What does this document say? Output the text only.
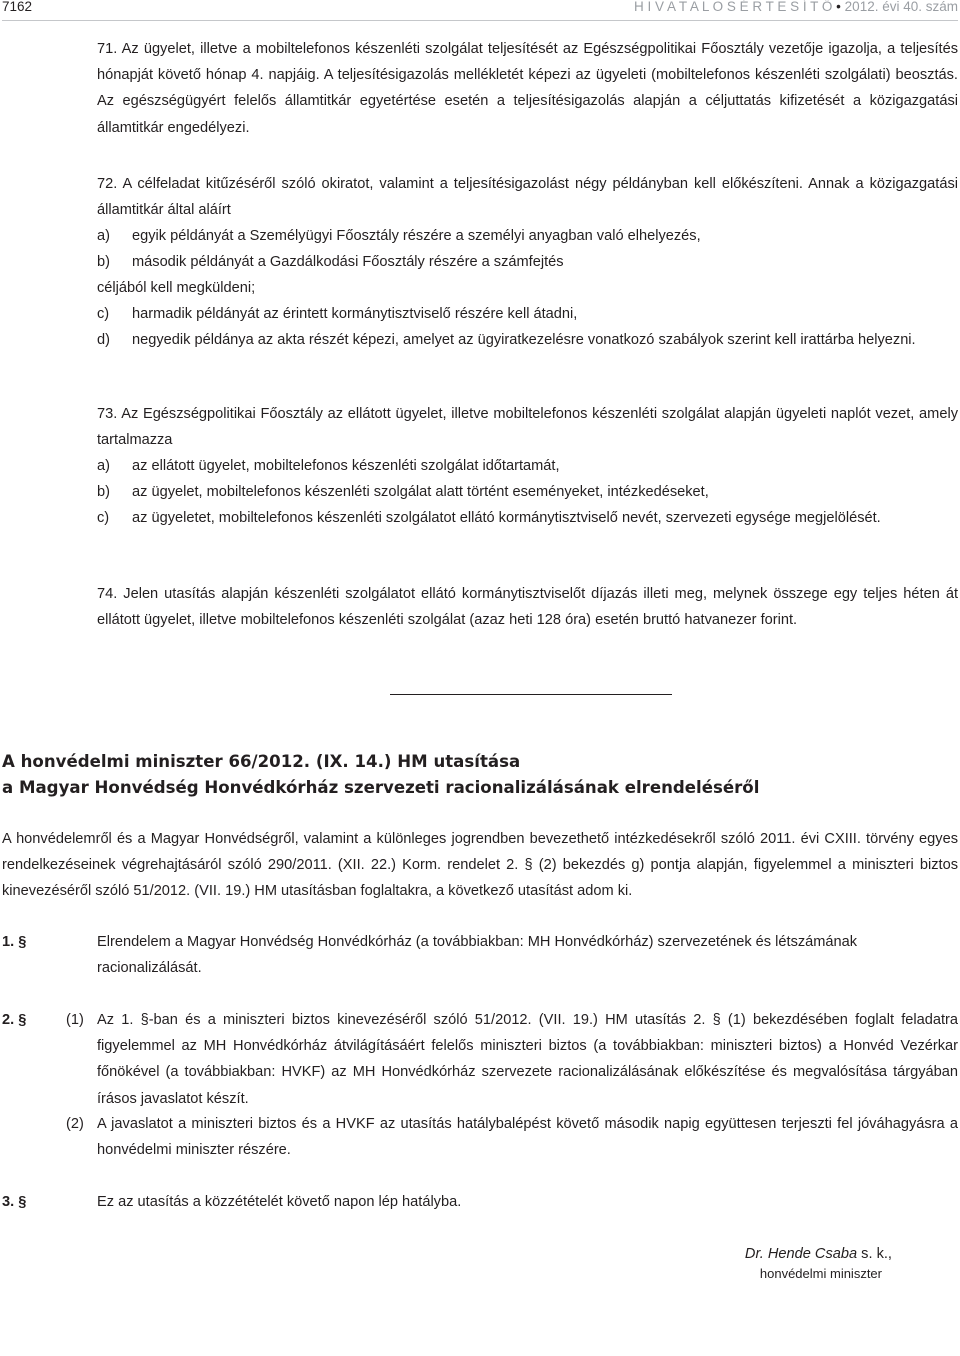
7162	H I V A T A L O S É R T E S Í T Ő • 2012. évi 40. szám

71. Az ügyelet, illetve a mobiltelefonos készenléti szolgálat teljesítését az Egészségpolitikai Főosztály vezetője igazolja, a teljesítés hónapját követő hónap 4. napjáig. A teljesítésigazolás mellékletét képezi az ügyeleti (mobiltelefonos készenléti szolgálati) beosztás. Az egészségügyért felelős államtitkár egyetértése esetén a teljesítésigazolás alapján a céljuttatás kifizetését a közigazgatási államtitkár engedélyezi.

72. A célfeladat kitűzéséről szóló okiratot, valamint a teljesítésigazolást négy példányban kell előkészíteni. Annak a közigazgatási államtitkár által aláírt

a)	egyik példányát a Személyügyi Főosztály részére a személyi anyagban való elhelyezés,
b)	második példányát a Gazdálkodási Főosztály részére a számfejtés

céljából kell megküldeni;

c)	harmadik példányát az érintett kormánytisztviselő részére kell átadni,
d)	negyedik példánya az akta részét képezi, amelyet az ügyiratkezelésre vonatkozó szabályok szerint kell irattárba helyezni.

73. Az Egészségpolitikai Főosztály az ellátott ügyelet, illetve mobiltelefonos készenléti szolgálat alapján ügyeleti naplót vezet, amely tartalmazza

a)	az ellátott ügyelet, mobiltelefonos készenléti szolgálat időtartamát,
b)	az ügyelet, mobiltelefonos készenléti szolgálat alatt történt eseményeket, intézkedéseket,
c)	az ügyeletet, mobiltelefonos készenléti szolgálatot ellátó kormánytisztviselő nevét, szervezeti egysége megjelölését.

74. Jelen utasítás alapján készenléti szolgálatot ellátó kormánytisztviselőt díjazás illeti meg, melynek összege egy teljes héten át ellátott ügyelet, illetve mobiltelefonos készenléti szolgálat (azaz heti 128 óra) esetén bruttó hatvanezer forint.

A honvédelmi miniszter 66/2012. (IX. 14.) HM utasítása

a Magyar Honvédség Honvédkórház szervezeti racionalizálásának elrendeléséről

A honvédelemről és a Magyar Honvédségről, valamint a különleges jogrendben bevezethető intézkedésekről szóló 2011. évi CXIII. törvény egyes rendelkezéseinek végrehajtásáról szóló 290/2011. (XII. 22.) Korm. rendelet 2. § (2) bekezdés g) pontja alapján, figyelemmel a miniszteri biztos kinevezéséről szóló 51/2012. (VII. 19.) HM utasításban foglaltakra, a következő utasítást adom ki.

1. §	Elrendelem a Magyar Honvédség Honvédkórház (a továbbiakban: MH Honvédkórház) szervezetének és létszámának racionalizálását.
2. §	(1) Az 1. §-ban és a miniszteri biztos kinevezéséről szóló 51/2012. (VII. 19.) HM utasítás 2. § (1) bekezdésében foglalt feladatra figyelemmel az MH Honvédkórház átvilágításáért felelős miniszteri biztos (a továbbiakban: miniszteri biztos) a Honvéd Vezérkar főnökével (a továbbiakban: HVKF) az MH Honvédkórház szervezete racionalizálásának előkészítése és megvalósítása tárgyában írásos javaslatot készít.
(2) A javaslatot a miniszteri biztos és a HVKF az utasítás hatálybalépést követő második napig együttesen terjeszti fel jóváhagyásra a honvédelmi miniszter részére.
3. §	Ez az utasítás a közzétételét követő napon lép hatályba.
Dr. Hende Csaba s. k.,
honvédelmi miniszter
